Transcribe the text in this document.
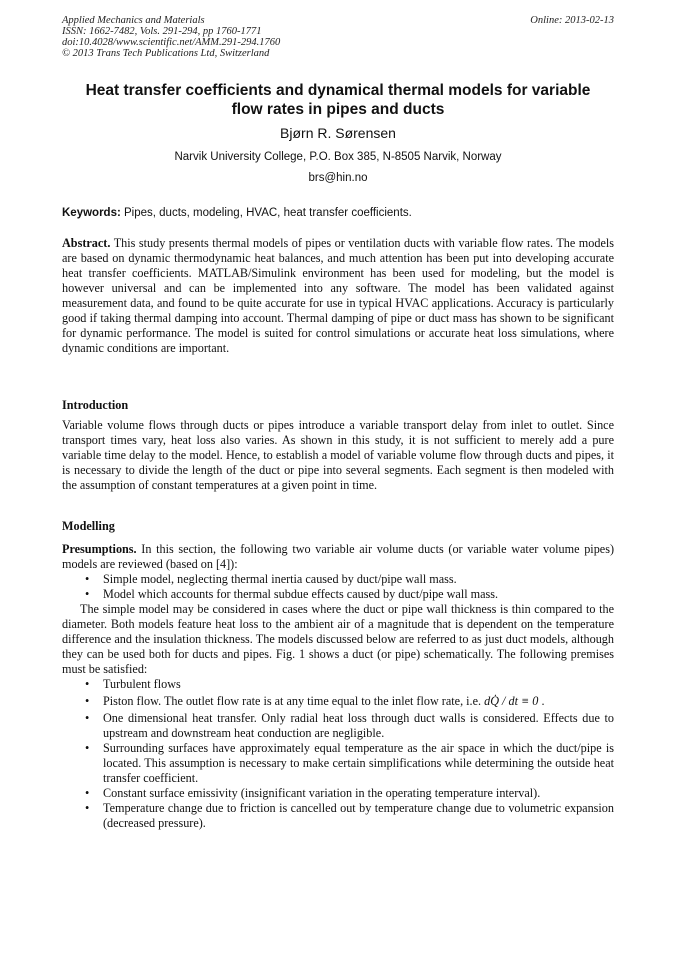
Applied Mechanics and Materials
ISSN: 1662-7482, Vols. 291-294, pp 1760-1771
doi:10.4028/www.scientific.net/AMM.291-294.1760
© 2013 Trans Tech Publications Ltd, Switzerland
Online: 2013-02-13
Heat transfer coefficients and dynamical thermal models for variable
flow rates in pipes and ducts
Bjørn R. Sørensen
Narvik University College, P.O. Box 385, N-8505 Narvik, Norway
brs@hin.no
Keywords: Pipes, ducts, modeling, HVAC, heat transfer coefficients.
Abstract. This study presents thermal models of pipes or ventilation ducts with variable flow rates. The models are based on dynamic thermodynamic heat balances, and much attention has been put into developing accurate heat transfer coefficients. MATLAB/Simulink environment has been used for modeling, but the model is however universal and can be implemented into any software. The model has been validated against measurement data, and found to be quite accurate for use in typical HVAC applications. Accuracy is particularly good if taking thermal damping into account. Thermal damping of pipe or duct mass has shown to be significant for dynamic performance. The model is suited for control simulations or accurate heat loss simulations, where dynamic conditions are important.
Introduction
Variable volume flows through ducts or pipes introduce a variable transport delay from inlet to outlet. Since transport times vary, heat loss also varies. As shown in this study, it is not sufficient to merely add a pure variable time delay to the model. Hence, to establish a model of variable volume flow through ducts and pipes, it is necessary to divide the length of the duct or pipe into several segments. Each segment is then modeled with the assumption of constant temperatures at a given point in time.
Modelling
Presumptions. In this section, the following two variable air volume ducts (or variable water volume pipes) models are reviewed (based on [4]):
• Simple model, neglecting thermal inertia caused by duct/pipe wall mass.
• Model which accounts for thermal subdue effects caused by duct/pipe wall mass.
The simple model may be considered in cases where the duct or pipe wall thickness is thin compared to the diameter. Both models feature heat loss to the ambient air of a magnitude that is dependent on the temperature difference and the insulation thickness. The models discussed below are referred to as just duct models, although they can be used both for ducts and pipes. Fig. 1 shows a duct (or pipe) schematically. The following premises must be satisfied:
• Turbulent flows
• Piston flow. The outlet flow rate is at any time equal to the inlet flow rate, i.e. dQ̇ / dt ≡ 0 .
• One dimensional heat transfer. Only radial heat loss through duct walls is considered. Effects due to upstream and downstream heat conduction are negligible.
• Surrounding surfaces have approximately equal temperature as the air space in which the duct/pipe is located. This assumption is necessary to make certain simplifications while determining the outside heat transfer coefficient.
• Constant surface emissivity (insignificant variation in the operating temperature interval).
• Temperature change due to friction is cancelled out by temperature change due to volumetric expansion (decreased pressure).
